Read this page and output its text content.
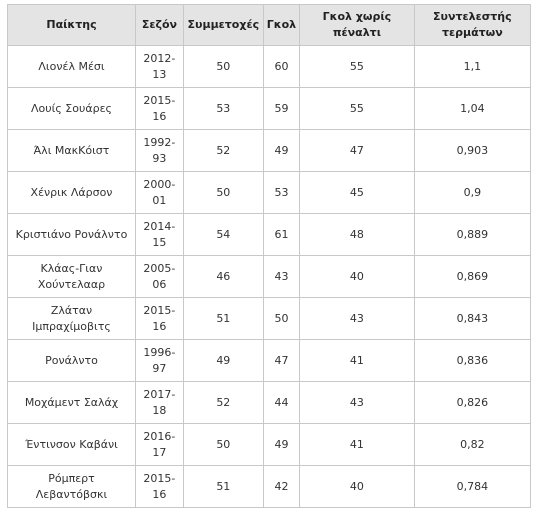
Παίκτης	Σεζόν	Συμμετοχές	Γκολ	Γκολ χωρίς πέναλτι	Συντελεστής τερμάτων
Λιονέλ Μέσι	2012-13	50	60	55	1,1
Λουίς Σουάρες	2015-16	53	59	55	1,04
Άλι ΜακΚόιστ	1992-93	52	49	47	0,903
Χένρικ Λάρσον	2000-01	50	53	45	0,9
Κριστιάνο Ρονάλντο	2014-15	54	61	48	0,889
Κλάας-Γιαν Χούντελααρ	2005-06	46	43	40	0,869
Ζλάταν Ιμπραχίμοβιτς	2015-16	51	50	43	0,843
Ρονάλντο	1996-97	49	47	41	0,836
Μοχάμεντ Σαλάχ	2017-18	52	44	43	0,826
Έντινσον Καβάνι	2016-17	50	49	41	0,82
Ρόμπερτ Λεβαντόβσκι	2015-16	51	42	40	0,784
